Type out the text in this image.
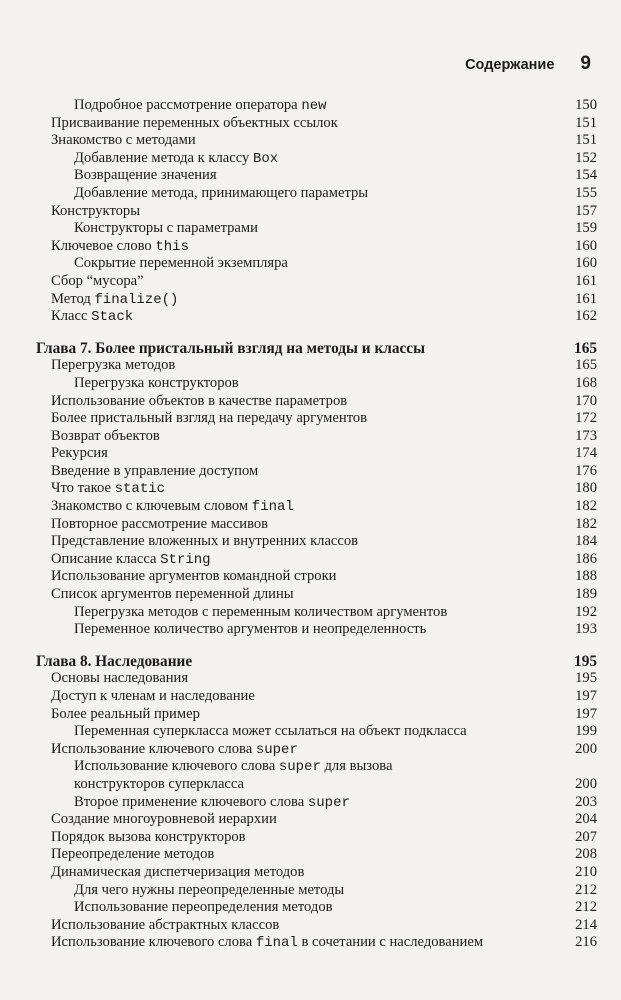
Содержание 9
Подробное рассмотрение оператора new	150
Присваивание переменных объектных ссылок	151
Знакомство с методами	151
Добавление метода к классу Box	152
Возвращение значения	154
Добавление метода, принимающего параметры	155
Конструкторы	157
Конструкторы с параметрами	159
Ключевое слово this	160
Сокрытие переменной экземпляра	160
Сбор “мусора”	161
Метод finalize()	161
Класс Stack	162
Глава 7. Более пристальный взгляд на методы и классы	165
Перегрузка методов	165
Перегрузка конструкторов	168
Использование объектов в качестве параметров	170
Более пристальный взгляд на передачу аргументов	172
Возврат объектов	173
Рекурсия	174
Введение в управление доступом	176
Что такое static	180
Знакомство с ключевым словом final	182
Повторное рассмотрение массивов	182
Представление вложенных и внутренних классов	184
Описание класса String	186
Использование аргументов командной строки	188
Список аргументов переменной длины	189
Перегрузка методов с переменным количеством аргументов	192
Переменное количество аргументов и неопределенность	193
Глава 8. Наследование	195
Основы наследования	195
Доступ к членам и наследование	197
Более реальный пример	197
Переменная суперкласса может ссылаться на объект подкласса	199
Использование ключевого слова super	200
Использование ключевого слова super для вызова
конструкторов суперкласса	200
Второе применение ключевого слова super	203
Создание многоуровневой иерархии	204
Порядок вызова конструкторов	207
Переопределение методов	208
Динамическая диспетчеризация методов	210
Для чего нужны переопределенные методы	212
Использование переопределения методов	212
Использование абстрактных классов	214
Использование ключевого слова final в сочетании с наследованием	216
